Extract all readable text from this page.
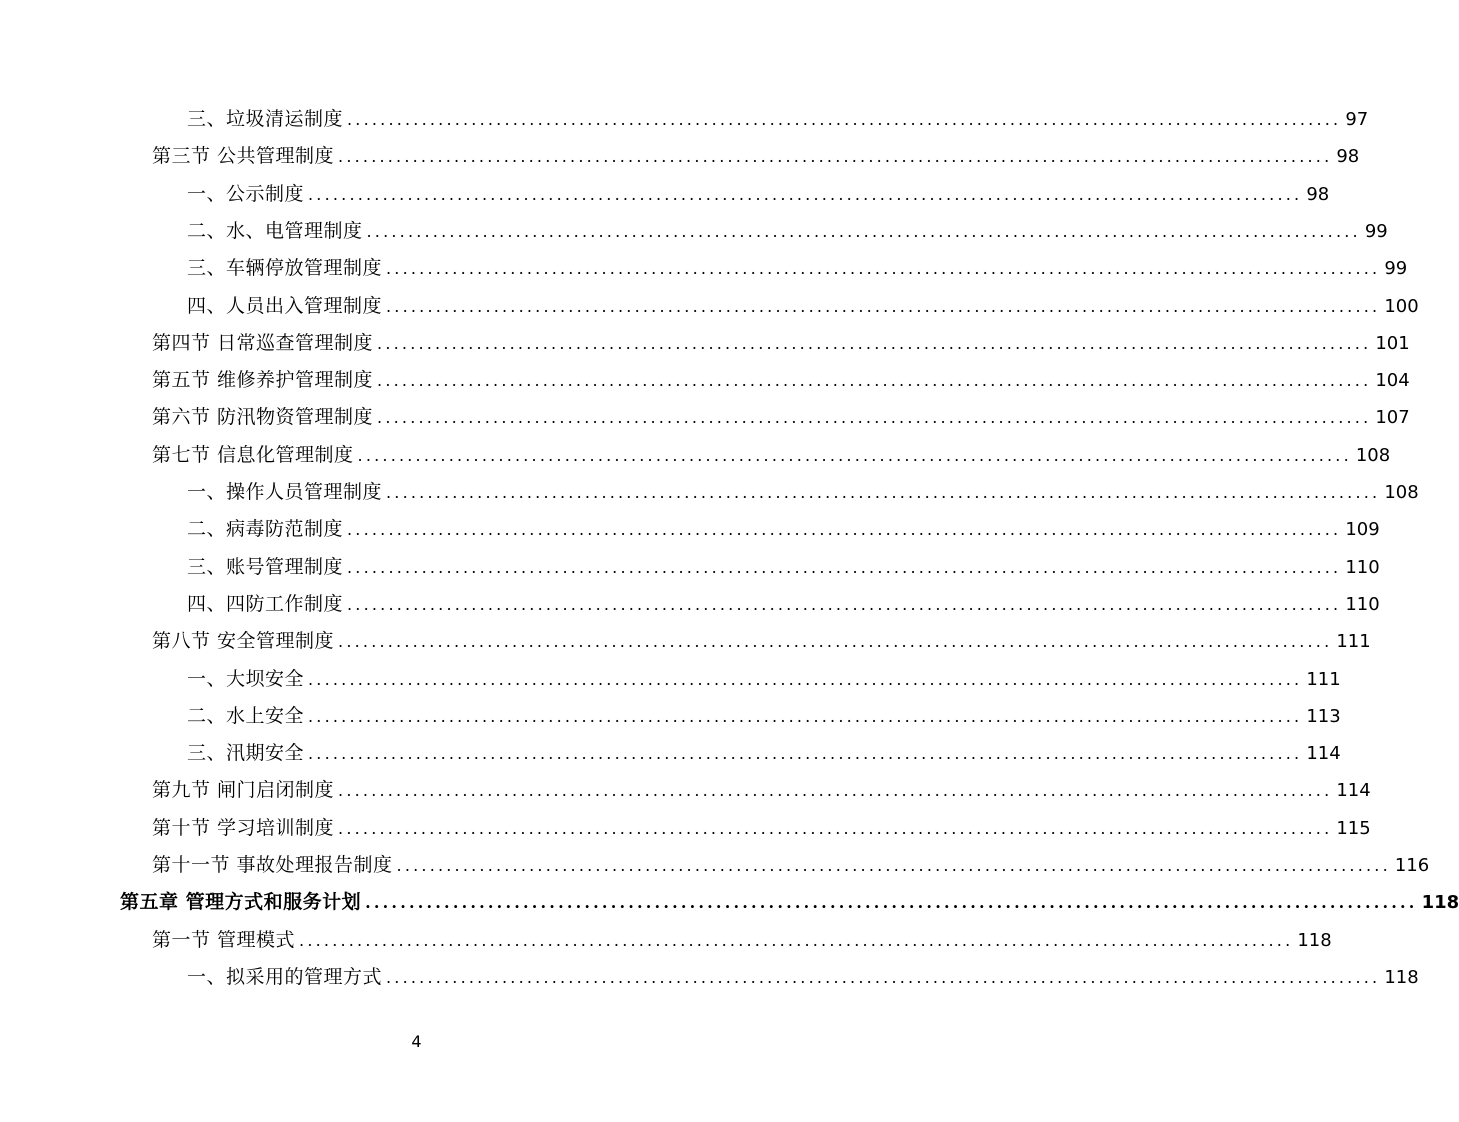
三、垃圾清运制度 ........................................................................................................................ 97
第三节 公共管理制度 ........................................................................................................................ 98
一、公示制度 ........................................................................................................................ 98
二、水、电管理制度 ........................................................................................................................ 99
三、车辆停放管理制度 ........................................................................................................................ 99
四、人员出入管理制度 ........................................................................................................................ 100
第四节 日常巡查管理制度 ........................................................................................................................ 101
第五节 维修养护管理制度 ........................................................................................................................ 104
第六节 防汛物资管理制度 ........................................................................................................................ 107
第七节 信息化管理制度 ........................................................................................................................ 108
一、操作人员管理制度 ........................................................................................................................ 108
二、病毒防范制度 ........................................................................................................................ 109
三、账号管理制度 ........................................................................................................................ 110
四、四防工作制度 ........................................................................................................................ 110
第八节 安全管理制度 ........................................................................................................................ 111
一、大坝安全 ........................................................................................................................ 111
二、水上安全 ........................................................................................................................ 113
三、汛期安全 ........................................................................................................................ 114
第九节 闸门启闭制度 ........................................................................................................................ 114
第十节 学习培训制度 ........................................................................................................................ 115
第十一节 事故处理报告制度 ........................................................................................................................ 116
第五章 管理方式和服务计划 ........................................................................................................................ 118
第一节 管理模式 ........................................................................................................................ 118
一、拟采用的管理方式 ........................................................................................................................ 118
4
